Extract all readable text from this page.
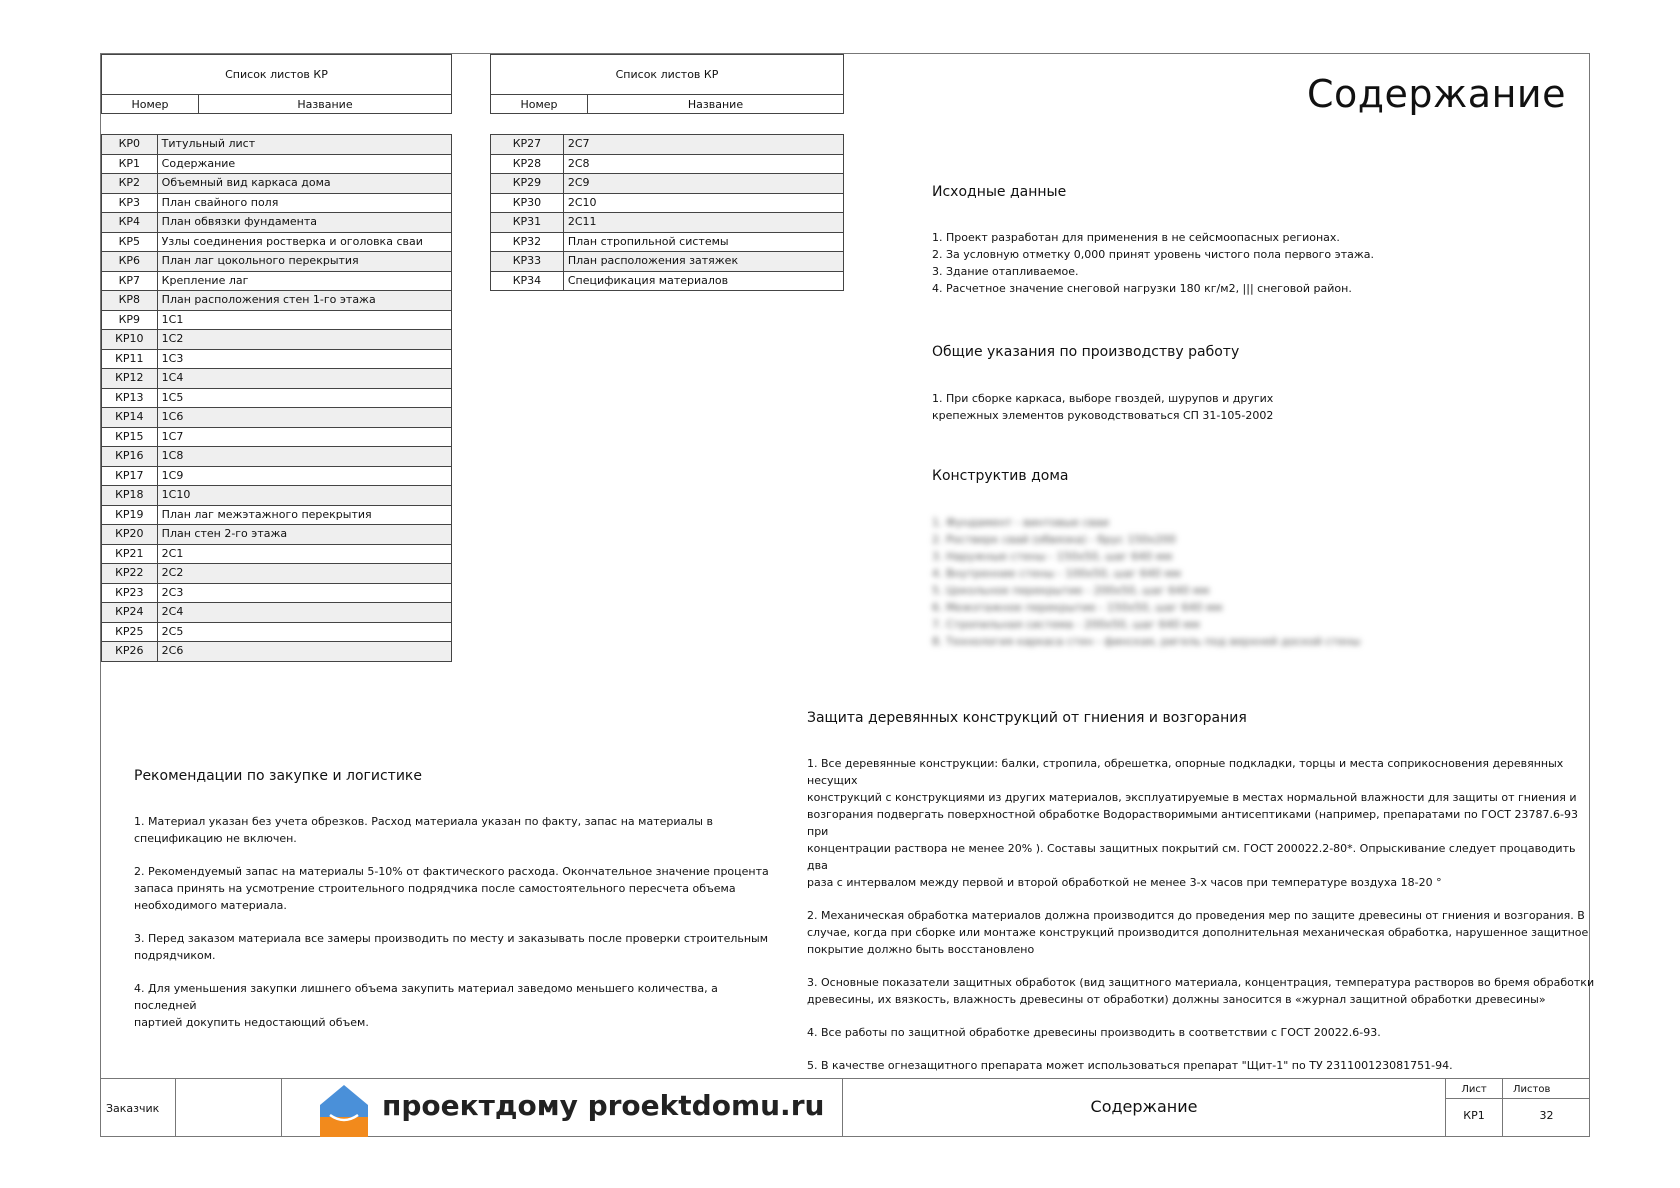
Список листов КР
Номер	Название
КР0	Титульный лист
КР1	Содержание
КР2	Объемный вид каркаса дома
КР3	План свайного поля
КР4	План обвязки фундамента
КР5	Узлы соединения ростверка и оголовка сваи
КР6	План лаг цокольного перекрытия
КР7	Крепление лаг
КР8	План расположения стен 1-го этажа
КР9	1С1
КР10	1С2
КР11	1С3
КР12	1С4
КР13	1С5
КР14	1С6
КР15	1С7
КР16	1С8
КР17	1С9
КР18	1С10
КР19	План лаг межэтажного перекрытия
КР20	План стен 2-го этажа
КР21	2С1
КР22	2С2
КР23	2С3
КР24	2С4
КР25	2С5
КР26	2С6
Список листов КР
Номер	Название
КР27	2С7
КР28	2С8
КР29	2С9
КР30	2С10
КР31	2С11
КР32	План стропильной системы
КР33	План расположения затяжек
КР34	Спецификация материалов
Содержание
Исходные данные
1. Проект разработан для применения в не сейсмоопасных регионах.
2. За условную отметку 0,000 принят уровень чистого пола первого этажа.
3. Здание отапливаемое.
4. Расчетное значение снеговой нагрузки 180 кг/м2, ||| снеговой район.
Общие указания по производству работу
1. При сборке каркаса, выборе гвоздей, шурупов и других
крепежных элементов руководствоваться СП 31-105-2002
Конструктив дома
1. Фундамент - винтовые сваи
2. Ростверк свай (обвязка) - брус 150х200
3. Наружные стены - 150х50, шаг 640 мм
4. Внутренние стены - 100х50, шаг 640 мм
5. Цокольное перекрытие - 200х50, шаг 640 мм
6. Межэтажное перекрытие - 150х50, шаг 640 мм
7. Стропильная система - 200х50, шаг 640 мм
8. Технология каркаса стен - финская, ригель под верхней доской стены
Защита деревянных конструкций от гниения и возгорания
1. Все деревянные конструкции: балки, стропила, обрешетка, опорные подкладки, торцы и места соприкосновения деревянных несущих
конструкций с конструкциями из других материалов, эксплуатируемые в местах нормальной влажности для защиты от гниения и
возгорания подвергать поверхностной обработке Водорастворимыми антисептиками (например, препаратами по ГОСТ 23787.6-93 при
концентрации раствора не менее 20% ). Составы защитных покрытий см. ГОСТ 200022.2-80*. Опрыскивание следует процаводить два
раза с интервалом между первой и второй обработкой не менее 3-х часов при температуре воздуха 18-20 °
2. Механическая обработка материалов должна производится до проведения мер по защите древесины от гниения и возгорания. В
случае, когда при сборке или монтаже конструкций производится дополнительная механическая обработка, нарушенное защитное
покрытие должно быть восстановлено
3. Основные показатели защитных обработок (вид защитного материала, концентрация, температура растворов во бремя обработки
древесины, их вязкость, влажность древесины от обработки) должны заносится в «журнал защитной обработки древесины»
4. Все работы по защитной обработке древесины производить в соответствии с ГОСТ 20022.6-93.
5. В качестве огнезащитного препарата может использоваться препарат "Щит-1" по ТУ 231100123081751-94.
Рекомендации по закупке и логистике
1. Материал указан без учета обрезков. Расход материала указан по факту, запас на материалы в
спецификацию не включен.
2. Рекомендуемый запас на материалы 5-10% от фактического расхода. Окончательное значение процента
запаса принять на усмотрение строительного подрядчика после самостоятельного пересчета объема
необходимого материала.
3. Перед заказом материала все замеры производить по месту и заказывать после проверки строительным
подрядчиком.
4. Для уменьшения закупки лишнего объема закупить материал заведомо меньшего количества, а последней
партией докупить недостающий объем.
Заказчик	проектдому proektdomu.ru	Содержание
Лист
КР1
Листов
32
